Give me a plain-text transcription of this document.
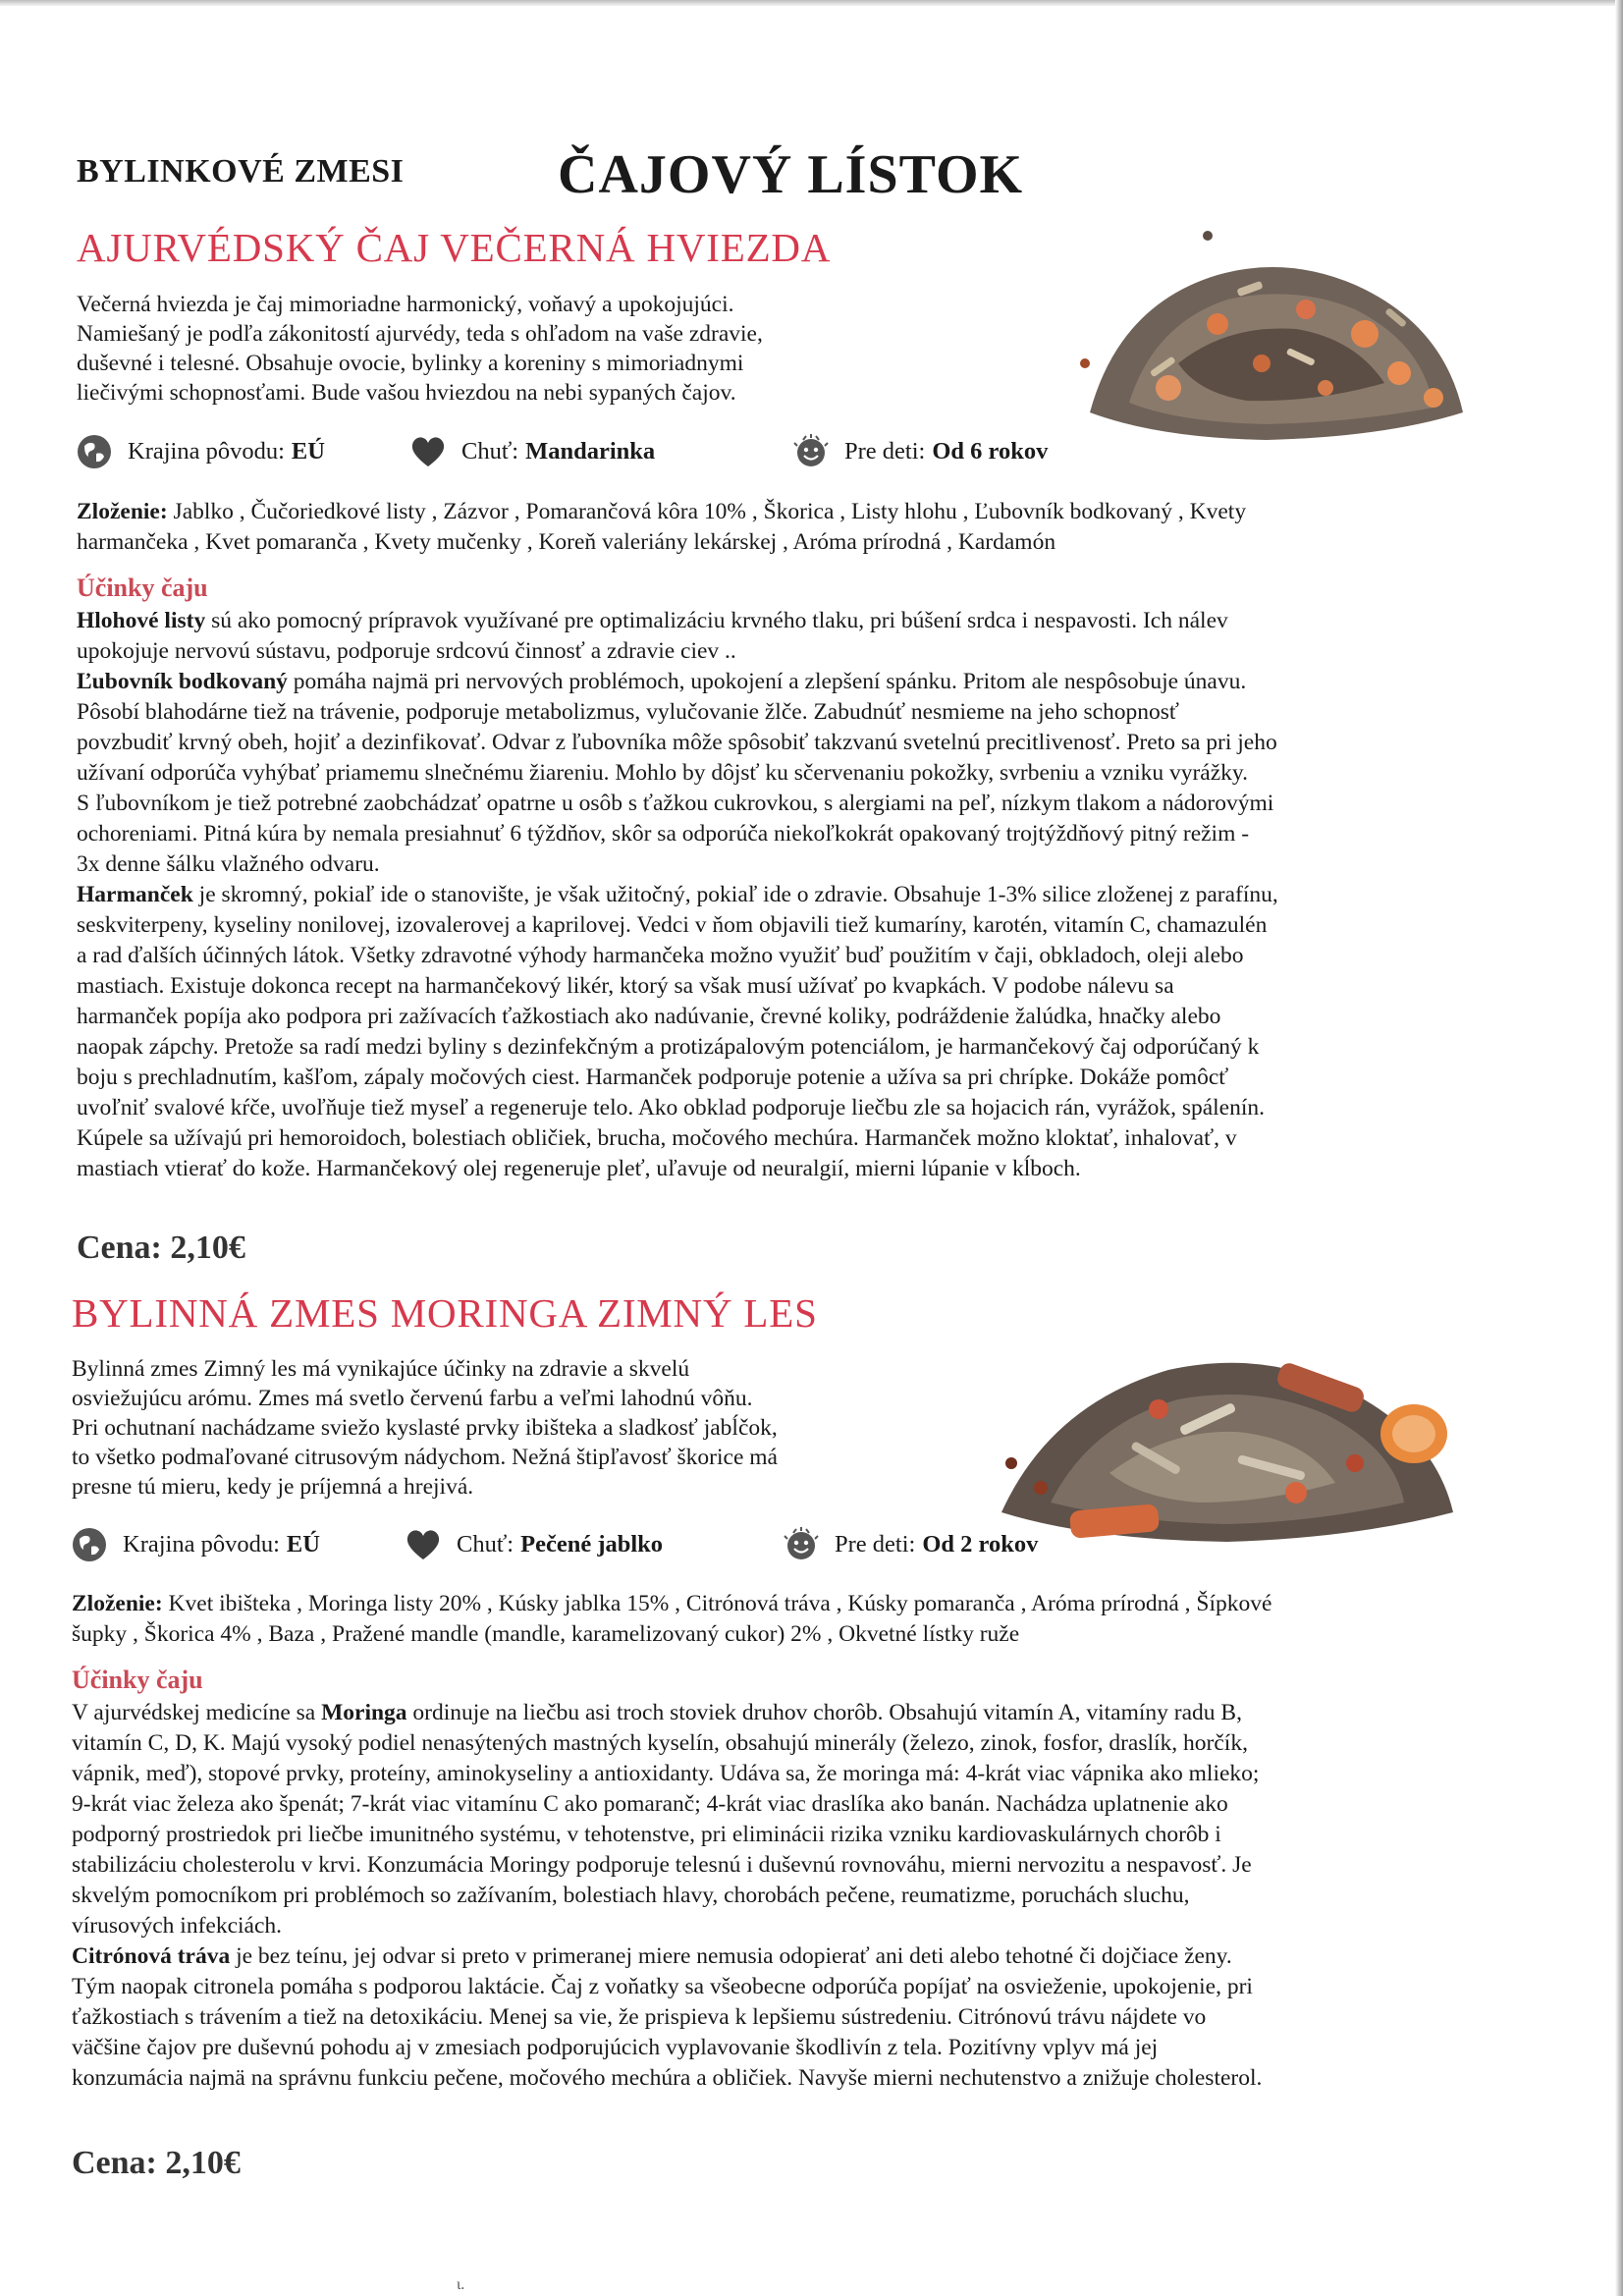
BYLINKOVÉ ZMESI	ČAJOVÝ LÍSTOK
AJURVÉDSKÝ ČAJ VEČERNÁ HVIEZDA
Večerná hviezda je čaj mimoriadne harmonický, voňavý a upokojujúci.
Namiešaný je podľa zákonitostí ajurvédy, teda s ohľadom na vaše zdravie,
duševné i telesné. Obsahuje ovocie, bylinky a koreniny s mimoriadnymi
liečivými schopnosťami. Bude vašou hviezdou na nebi sypaných čajov.
Krajina pôvodu: EÚ	Chuť: Mandarinka	Pre deti: Od 6 rokov
Zloženie: Jablko , Čučoriedkové listy , Zázvor , Pomarančová kôra 10% , Škorica , Listy hlohu , Ľubovník bodkovaný , Kvety
harmančeka , Kvet pomaranča , Kvety mučenky , Koreň valeriány lekárskej , Aróma prírodná , Kardamón
Účinky čaju

Hlohové listy sú ako pomocný prípravok využívané pre optimalizáciu krvného tlaku, pri búšení srdca i nespavosti. Ich nálev

upokojuje nervovú sústavu, podporuje srdcovú činnosť a zdravie ciev ..

Ľubovník bodkovaný pomáha najmä pri nervových problémoch, upokojení a zlepšení spánku. Pritom ale nespôsobuje únavu.

Pôsobí blahodárne tiež na trávenie, podporuje metabolizmus, vylučovanie žlče. Zabudnúť nesmieme na jeho schopnosť

povzbudiť krvný obeh, hojiť a dezinfikovať. Odvar z ľubovníka môže spôsobiť takzvanú svetelnú precitlivenosť. Preto sa pri jeho

užívaní odporúča vyhýbať priamemu slnečnému žiareniu. Mohlo by dôjsť ku sčervenaniu pokožky, svrbeniu a vzniku vyrážky.

S ľubovníkom je tiež potrebné zaobchádzať opatrne u osôb s ťažkou cukrovkou, s alergiami na peľ, nízkym tlakom a nádorovými

ochoreniami. Pitná kúra by nemala presiahnuť 6 týždňov, skôr sa odporúča niekoľkokrát opakovaný trojtýždňový pitný režim -

3x denne šálku vlažného odvaru.

Harmanček je skromný, pokiaľ ide o stanovište, je však užitočný, pokiaľ ide o zdravie. Obsahuje 1-3% silice zloženej z parafínu,

seskviterpeny, kyseliny nonilovej, izovalerovej a kaprilovej. Vedci v ňom objavili tiež kumaríny, karotén, vitamín C, chamazulén

a rad ďalších účinných látok. Všetky zdravotné výhody harmančeka možno využiť buď použitím v čaji, obkladoch, oleji alebo

mastiach. Existuje dokonca recept na harmančekový likér, ktorý sa však musí užívať po kvapkách. V podobe nálevu sa

harmanček popíja ako podpora pri zažívacích ťažkostiach ako nadúvanie, črevné koliky, podráždenie žalúdka, hnačky alebo

naopak zápchy. Pretože sa radí medzi byliny s dezinfekčným a protizápalovým potenciálom, je harmančekový čaj odporúčaný k

boju s prechladnutím, kašľom, zápaly močových ciest. Harmanček podporuje potenie a užíva sa pri chrípke. Dokáže pomôcť

uvoľniť svalové kŕče, uvoľňuje tiež myseľ a regeneruje telo. Ako obklad podporuje liečbu zle sa hojacich rán, vyrážok, spálenín.

Kúpele sa užívajú pri hemoroidoch, bolestiach obličiek, brucha, močového mechúra. Harmanček možno kloktať, inhalovať, v

mastiach vtierať do kože. Harmančekový olej regeneruje pleť, uľavuje od neuralgií, mierni lúpanie v kĺboch.

Cena: 2,10€
BYLINNÁ ZMES MORINGA ZIMNÝ LES
Bylinná zmes Zimný les má vynikajúce účinky na zdravie a skvelú
osviežujúcu arómu. Zmes má svetlo červenú farbu a veľmi lahodnú vôňu.
Pri ochutnaní nachádzame sviežo kyslasté prvky ibišteka a sladkosť jabĺčok,
to všetko podmaľované citrusovým nádychom. Nežná štipľavosť škorice má
presne tú mieru, kedy je príjemná a hrejivá.
Krajina pôvodu: EÚ	Chuť: Pečené jablko	Pre deti: Od 2 rokov
Zloženie: Kvet ibišteka , Moringa listy 20% , Kúsky jablka 15% , Citrónová tráva , Kúsky pomaranča , Aróma prírodná , Šípkové
šupky , Škorica 4% , Baza , Pražené mandle (mandle, karamelizovaný cukor) 2% , Okvetné lístky ruže
Účinky čaju

V ajurvédskej medicíne sa Moringa ordinuje na liečbu asi troch stoviek druhov chorôb. Obsahujú vitamín A, vitamíny radu B,

vitamín C, D, K. Majú vysoký podiel nenasýtených mastných kyselín, obsahujú minerály (železo, zinok, fosfor, draslík, horčík,

vápnik, meď), stopové prvky, proteíny, aminokyseliny a antioxidanty. Udáva sa, že moringa má: 4-krát viac vápnika ako mlieko;

9-krát viac železa ako špenát; 7-krát viac vitamínu C ako pomaranč; 4-krát viac draslíka ako banán. Nachádza uplatnenie ako

podporný prostriedok pri liečbe imunitného systému, v tehotenstve, pri eliminácii rizika vzniku kardiovaskulárnych chorôb i

stabilizáciu cholesterolu v krvi. Konzumácia Moringy podporuje telesnú i duševnú rovnováhu, mierni nervozitu a nespavosť. Je

skvelým pomocníkom pri problémoch so zažívaním, bolestiach hlavy, chorobách pečene, reumatizme, poruchách sluchu,

vírusových infekciách.

Citrónová tráva je bez teínu, jej odvar si preto v primeranej miere nemusia odopierať ani deti alebo tehotné či dojčiace ženy.

Tým naopak citronela pomáha s podporou laktácie. Čaj z voňatky sa všeobecne odporúča popíjať na osvieženie, upokojenie, pri

ťažkostiach s trávením a tiež na detoxikáciu. Menej sa vie, že prispieva k lepšiemu sústredeniu. Citrónovú trávu nájdete vo

väčšine čajov pre duševnú pohodu aj v zmesiach podporujúcich vyplavovanie škodlivín z tela. Pozitívny vplyv má jej

konzumácia najmä na správnu funkciu pečene, močového mechúra a obličiek. Navyše mierni nechutenstvo a znižuje cholesterol.

Cena: 2,10€
ι.
